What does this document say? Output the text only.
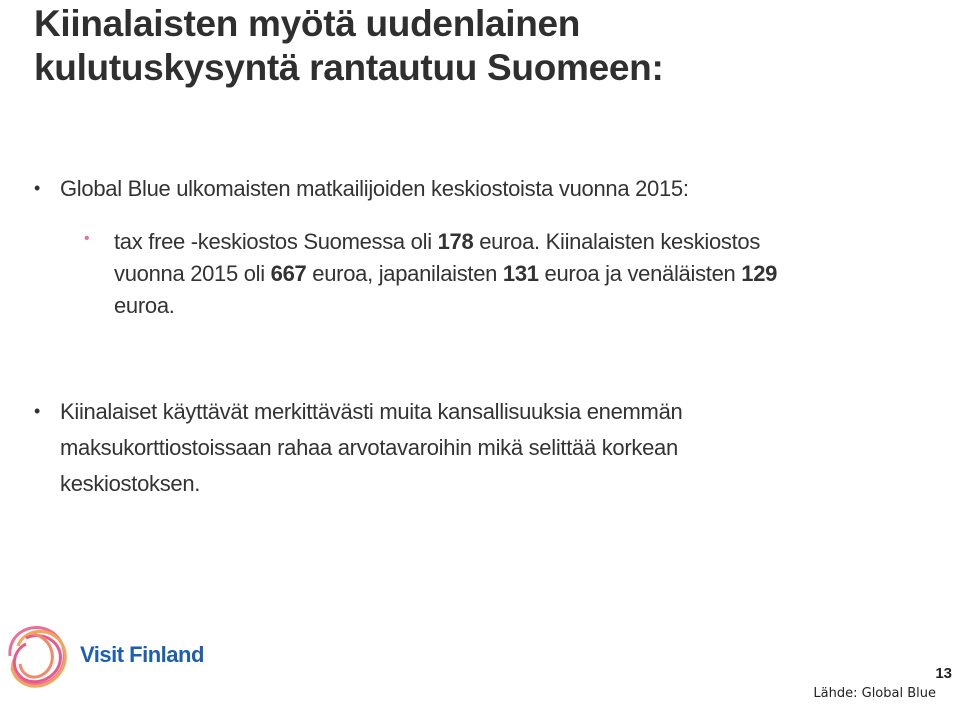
Kiinalaisten myötä uudenlainen
kulutuskysyntä rantautuu Suomeen:
• Global Blue ulkomaisten matkailijoiden keskiostoista vuonna 2015:
• tax free -keskiostos Suomessa oli 178 euroa. Kiinalaisten keskiostos
vuonna 2015 oli 667 euroa, japanilaisten 131 euroa ja venäläisten 129
euroa.
• Kiinalaiset käyttävät merkittävästi muita kansallisuuksia enemmän
maksukorttiostoissaan rahaa arvotavaroihin mikä selittää korkean
keskiostoksen.
Visit Finland
13
Lähde: Global Blue
